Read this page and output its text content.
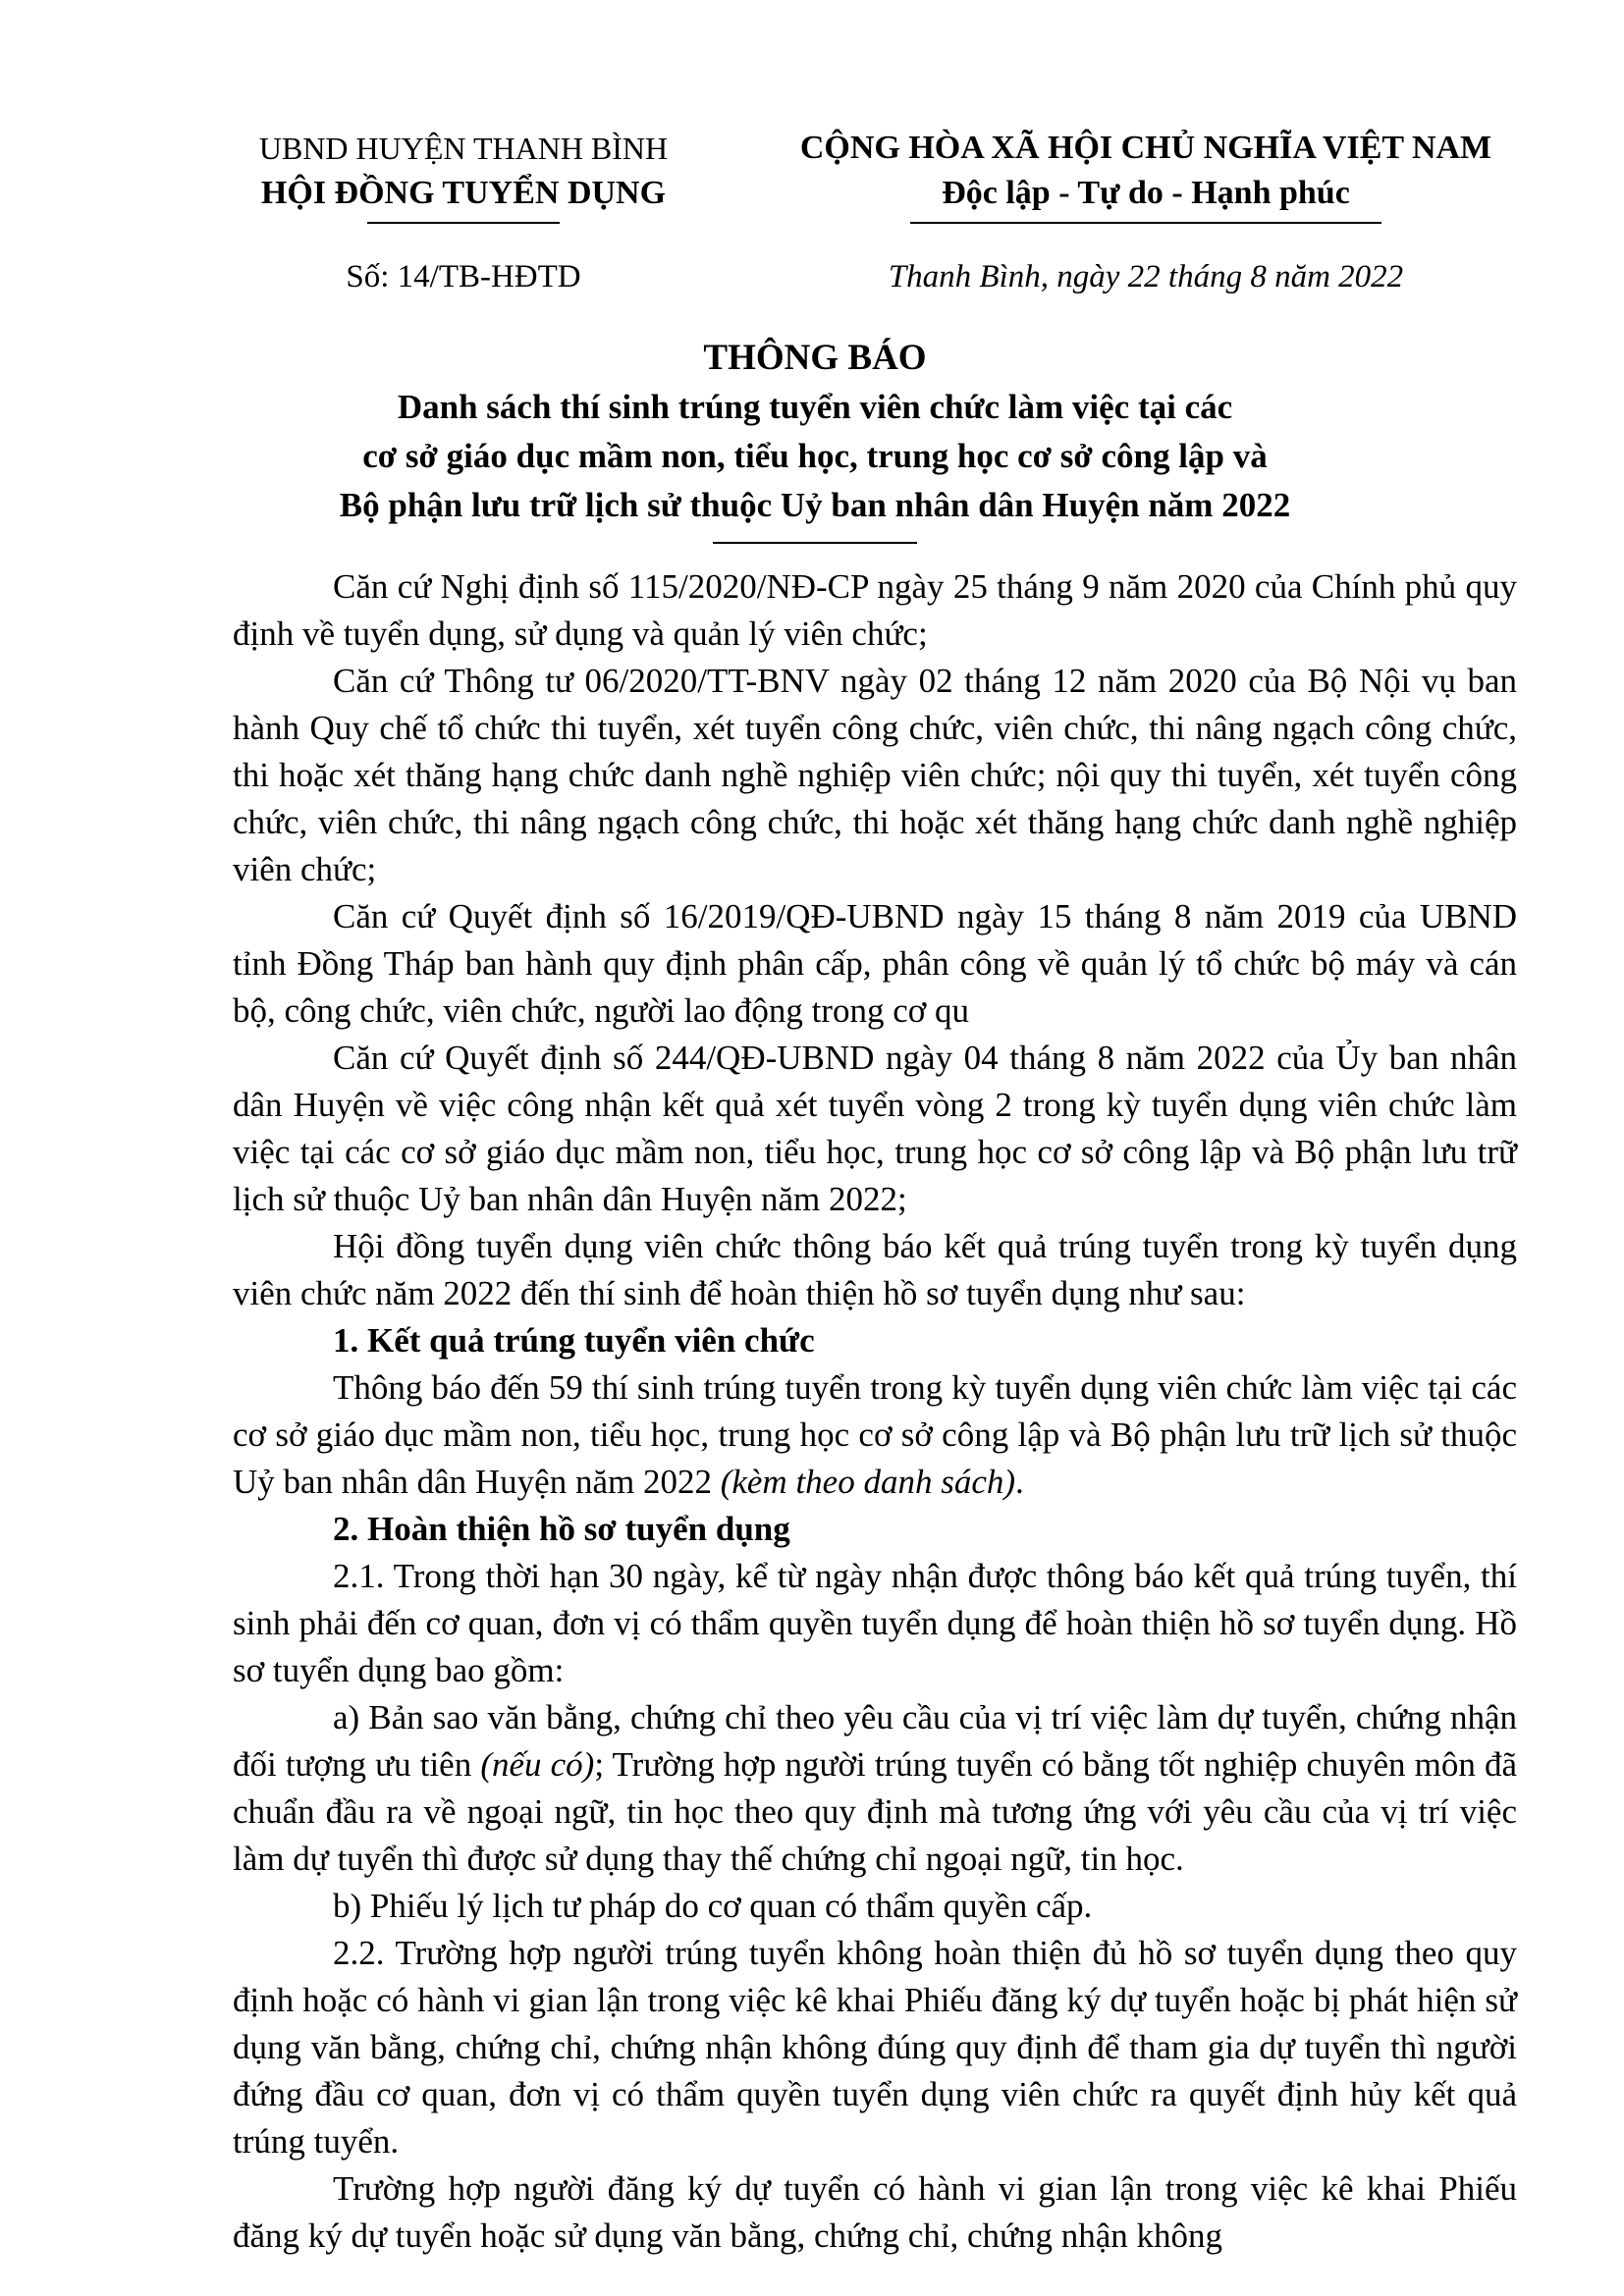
UBND HUYỆN THANH BÌNH
HỘI ĐỒNG TUYỂN DỤNG
CỘNG HÒA XÃ HỘI CHỦ NGHĨA VIỆT NAM
Độc lập - Tự do - Hạnh phúc
Số: 14/TB-HĐTD	Thanh Bình, ngày 22 tháng 8 năm 2022
THÔNG BÁO
Danh sách thí sinh trúng tuyển viên chức làm việc tại các
cơ sở giáo dục mầm non, tiểu học, trung học cơ sở công lập và
Bộ phận lưu trữ lịch sử thuộc Uỷ ban nhân dân Huyện năm 2022

Căn cứ Nghị định số 115/2020/NĐ-CP ngày 25 tháng 9 năm 2020 của Chính phủ quy định về tuyển dụng, sử dụng và quản lý viên chức;

Căn cứ Thông tư 06/2020/TT-BNV ngày 02 tháng 12 năm 2020 của Bộ Nội vụ ban hành Quy chế tổ chức thi tuyển, xét tuyển công chức, viên chức, thi nâng ngạch công chức, thi hoặc xét thăng hạng chức danh nghề nghiệp viên chức; nội quy thi tuyển, xét tuyển công chức, viên chức, thi nâng ngạch công chức, thi hoặc xét thăng hạng chức danh nghề nghiệp viên chức;

Căn cứ Quyết định số 16/2019/QĐ-UBND ngày 15 tháng 8 năm 2019 của UBND tỉnh Đồng Tháp ban hành quy định phân cấp, phân công về quản lý tổ chức bộ máy và cán bộ, công chức, viên chức, người lao động trong cơ qu

Căn cứ Quyết định số 244/QĐ-UBND ngày 04 tháng 8 năm 2022 của Ủy ban nhân dân Huyện về việc công nhận kết quả xét tuyển vòng 2 trong kỳ tuyển dụng viên chức làm việc tại các cơ sở giáo dục mầm non, tiểu học, trung học cơ sở công lập và Bộ phận lưu trữ lịch sử thuộc Uỷ ban nhân dân Huyện năm 2022;

Hội đồng tuyển dụng viên chức thông báo kết quả trúng tuyển trong kỳ tuyển dụng viên chức năm 2022 đến thí sinh để hoàn thiện hồ sơ tuyển dụng như sau:

1. Kết quả trúng tuyển viên chức

Thông báo đến 59 thí sinh trúng tuyển trong kỳ tuyển dụng viên chức làm việc tại các cơ sở giáo dục mầm non, tiểu học, trung học cơ sở công lập và Bộ phận lưu trữ lịch sử thuộc Uỷ ban nhân dân Huyện năm 2022 (kèm theo danh sách).

2. Hoàn thiện hồ sơ tuyển dụng

2.1. Trong thời hạn 30 ngày, kể từ ngày nhận được thông báo kết quả trúng tuyển, thí sinh phải đến cơ quan, đơn vị có thẩm quyền tuyển dụng để hoàn thiện hồ sơ tuyển dụng. Hồ sơ tuyển dụng bao gồm:

a) Bản sao văn bằng, chứng chỉ theo yêu cầu của vị trí việc làm dự tuyển, chứng nhận đối tượng ưu tiên (nếu có); Trường hợp người trúng tuyển có bằng tốt nghiệp chuyên môn đã chuẩn đầu ra về ngoại ngữ, tin học theo quy định mà tương ứng với yêu cầu của vị trí việc làm dự tuyển thì được sử dụng thay thế chứng chỉ ngoại ngữ, tin học.

b) Phiếu lý lịch tư pháp do cơ quan có thẩm quyền cấp.

2.2. Trường hợp người trúng tuyển không hoàn thiện đủ hồ sơ tuyển dụng theo quy định hoặc có hành vi gian lận trong việc kê khai Phiếu đăng ký dự tuyển hoặc bị phát hiện sử dụng văn bằng, chứng chỉ, chứng nhận không đúng quy định để tham gia dự tuyển thì người đứng đầu cơ quan, đơn vị có thẩm quyền tuyển dụng viên chức ra quyết định hủy kết quả trúng tuyển.

Trường hợp người đăng ký dự tuyển có hành vi gian lận trong việc kê khai Phiếu đăng ký dự tuyển hoặc sử dụng văn bằng, chứng chỉ, chứng nhận không
